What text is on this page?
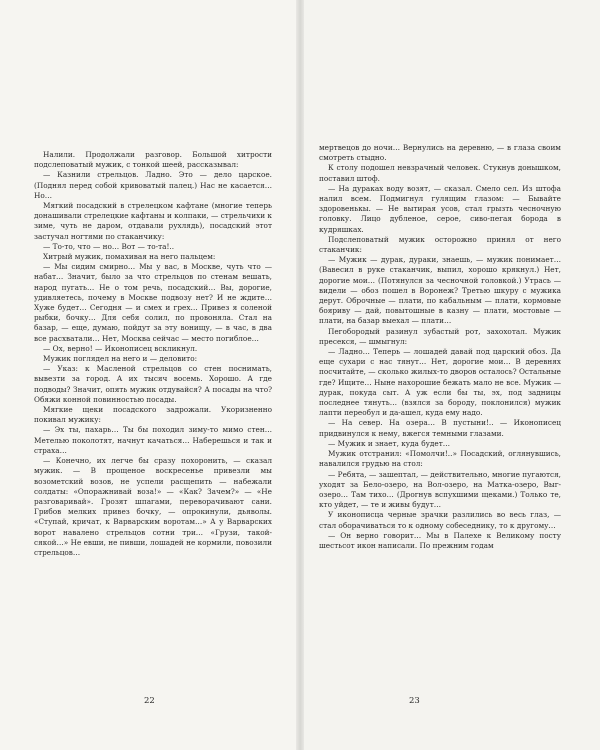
Налили. Продолжали разговор. Большой хитрости подслеповатый мужик, с тонкой шеей, рассказывал:

— Казнили стрельцов. Ладно. Это — дело царское. (Поднял перед собой кривоватый палец.) Нас не касается… Но…

Мягкий посадский в стрелецком кафтане (многие теперь донашивали стрелецкие кафтаны и колпаки, — стрельчихи к зиме, чуть не даром, отдавали рухлядь), посадский этот застучал ногтями по стаканчику:

— То-то, что — но… Вот — то-та!..

Хитрый мужик, помахивая на него пальцем:

— Мы сидим смирно… Мы у вас, в Москве, чуть что — набат… Значит, было за что стрельцов по стенам вешать, народ пугать… Не о том речь, посадский… Вы, дорогие, удивляетесь, почему в Москве подвозу нет? И не ждите… Хуже будет… Сегодня — и смех и грех… Привез я соленой рыбки, бочку… Для себя солил, по провоняла. Стал на базар, — еще, думаю, пойдут за эту вонищу, — в час, в два все расхватали… Нет, Москва сейчас — место погиблое…

— Ох, верно! — Иконописец вскликнул.

Мужик поглядел на него и — деловито:

— Указ: к Масленой стрельцов со стен поснимать, вывезти за город. А их тысяч восемь. Хорошо. А где подводы? Значит, опять мужик отдувайся? А посады на что? Обяжи конной повинностью посады.

Мягкие щеки посадского задрожали. Укоризненно покивал мужику:

— Эх ты, пахарь… Ты бы походил зиму-то мимо стен… Метелью поколотят, начнут качаться… Наберешься и так и страха…

— Конечно, их легче бы сразу похоронить, — сказал мужик. — В прощеное воскресенье привезли мы возометский возов, не успели расщепить — набежали солдаты: «Опоражнивай воза!» — «Как? Зачем?» — «Не разговаривай». Грозят шпагами, переворачивают сани. Грибов мелких привез бочку, — опрокинули, дьяволы. «Ступай, кричат, к Варварским воротам…» А у Варварских ворот навалено стрельцов сотни три… «Грузи, такой-сякой…» Не евши, не пивши, лошадей не кормили, повозили стрельцов…

22

мертвецов до ночи… Вернулись на деревню, — в глаза своим смотреть стыдно.

К столу подошел невзрачный человек. Стукнув донышком, поставил штоф.

— На дураках воду возят, — сказал. Смело сел. Из штофа налил всем. Подмигнул гулящим глазом: — Бывайте здоровенькы. — Не вытирая усов, стал грызть чесночную головку. Лицо дубленое, серое, сиво-пегая борода в кудряшках.

Подслеповатый мужик осторожно принял от него стаканчик:

— Мужик — дурак, дураки, знаешь, — мужик понимает… (Вавесил в руке стаканчик, выпил, хорошо крякнул.) Нет, дорогие мои… (Потянулся за чесночной головкой.) Утрась — видели — обоз пошел в Воронеж? Третью шкуру с мужика дерут. Оброчные — плати, по кабальным — плати, кормовые бояриву — дай, повытошные в казну — плати, мостовые — плати, на базар выехал — плати…

Пегобородый разинул зубастый рот, захохотал. Мужик пресекся, — шмыгнул:

— Ладно… Теперь — лошадей давай под царский обоз. Да еще сухари с нас тянут… Нет, дорогие мои… В деревнях посчитайте, — сколько жилых-то дворов осталось? Остальные где? Ищите… Ныне нахорошие бежать мало не все. Мужик — дурак, покуда сыт. А уж если бы ты, эх, под задницы последнее тянуть… (взялся за бороду, поклонился) мужик лапти переобул и да-ашел, куда ему надо.

— На север. На озера… В пустыни!.. — Иконописец придвинулся к нему, вжегся темными глазами.

— Мужик и знает, куда будет…

Мужик отстранил: «Помолчи!..» Посадский, оглянувшись, навалился грудью на стол:

— Ребята, — зашептал, — действительно, многие пугаются, уходят за Бело-озеро, на Вол-озеро, на Матка-озеро, Выг-озеро… Там тихо… (Дрогнув вспухшими щеками.) Только те, кто уйдет, — те и живы будут…

У иконописца черные зрачки разлились во весь глаз, — стал оборачиваться то к одному собеседнику, то к другому…

— Он верно говорит… Мы в Палехе к Великому посту шестьсот икон написали. По прежним годам

23
